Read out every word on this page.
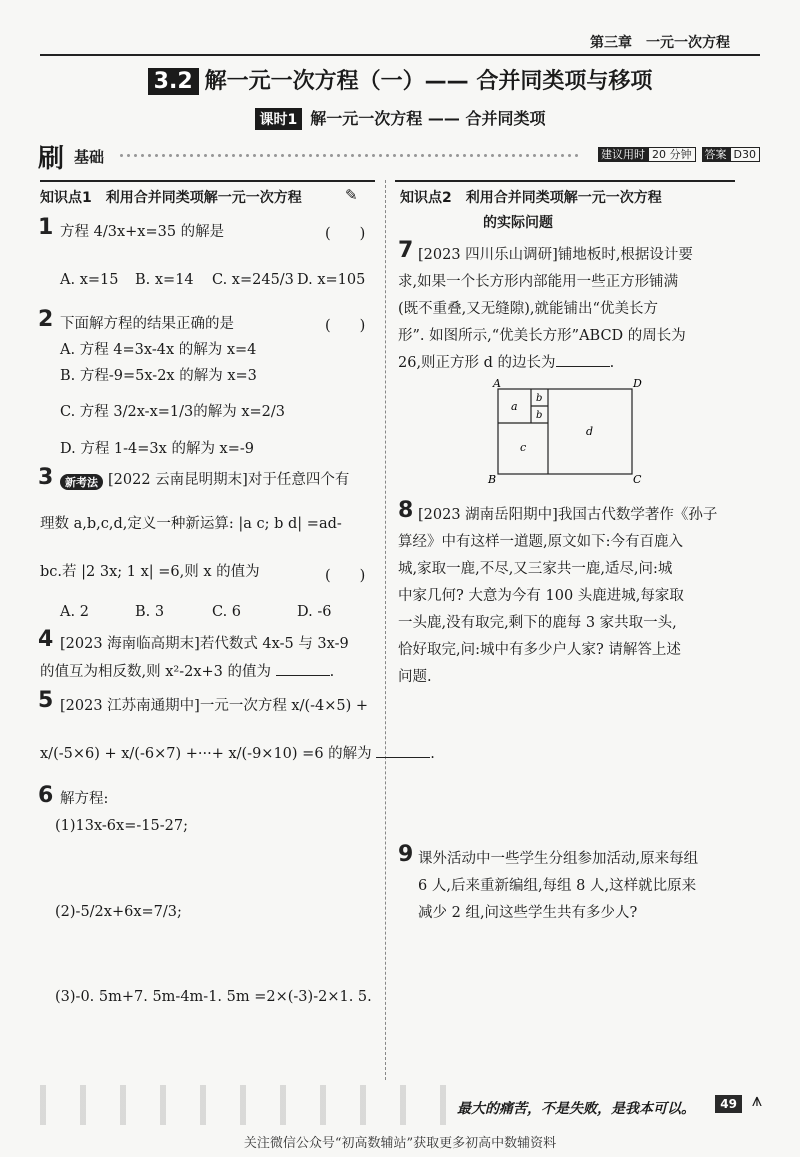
第三章　一元一次方程
3.2 解一元一次方程（一）—— 合并同类项与移项
课时1 解一元一次方程 —— 合并同类项
刷 基础	建议用时 20 分钟	答案 D30
知识点1　利用合并同类项解一元一次方程	✎
1 方程 4/3x+x=35 的解是	(　　)
A. x=15 B. x=14 C. x=245/3 D. x=105
2 下面解方程的结果正确的是	(　　)
A. 方程 4=3x-4x 的解为 x=4
B. 方程-9=5x-2x 的解为 x=3
C. 方程 3/2x-x=1/3的解为 x=2/3
D. 方程 1-4=3x 的解为 x=-9
3	新考法 [2022 云南昆明期末]对于任意四个有
理数 a,b,c,d,定义一种新运算: |a c; b d| =ad-
bc.若 |2 3x; 1 x| =6,则 x 的值为	(　　)
A. 2	B. 3	C. 6	D. -6
4 [2023 海南临高期末]若代数式 4x-5 与 3x-9
的值互为相反数,则 x²-2x+3 的值为	.
5 [2023 江苏南通期中]一元一次方程 x/(-4×5) +
x/(-5×6) + x/(-6×7) +···+ x/(-9×10) =6 的解为	.
6 解方程:
(1)13x-6x=-15-27;
(2)-5/2x+6x=7/3;
(3)-0. 5m+7. 5m-4m-1. 5m =2×(-3)-2×1. 5.
知识点2　利用合并同类项解一元一次方程
的实际问题
7 [2023 四川乐山调研]铺地板时,根据设计要
求,如果一个长方形内部能用一些正方形铺满
(既不重叠,又无缝隙),就能铺出“优美长方
形”. 如图所示,“优美长方形”ABCD 的周长为
26,则正方形 d 的边长为	.
A	D
B	C
a
b
b
c
d
8 [2023 湖南岳阳期中]我国古代数学著作《孙子
算经》中有这样一道题,原文如下:今有百鹿入
城,家取一鹿,不尽,又三家共一鹿,适尽,问:城
中家几何? 大意为今有 100 头鹿进城,每家取
一头鹿,没有取完,剩下的鹿每 3 家共取一头,
恰好取完,问:城中有多少户人家? 请解答上述
问题.
9 课外活动中一些学生分组参加活动,原来每组
6 人,后来重新编组,每组 8 人,这样就比原来
减少 2 组,问这些学生共有多少人?
最大的痛苦，不是失败，是我本可以。	49 ⩚
关注微信公众号“初高数辅站”获取更多初高中数辅资料
